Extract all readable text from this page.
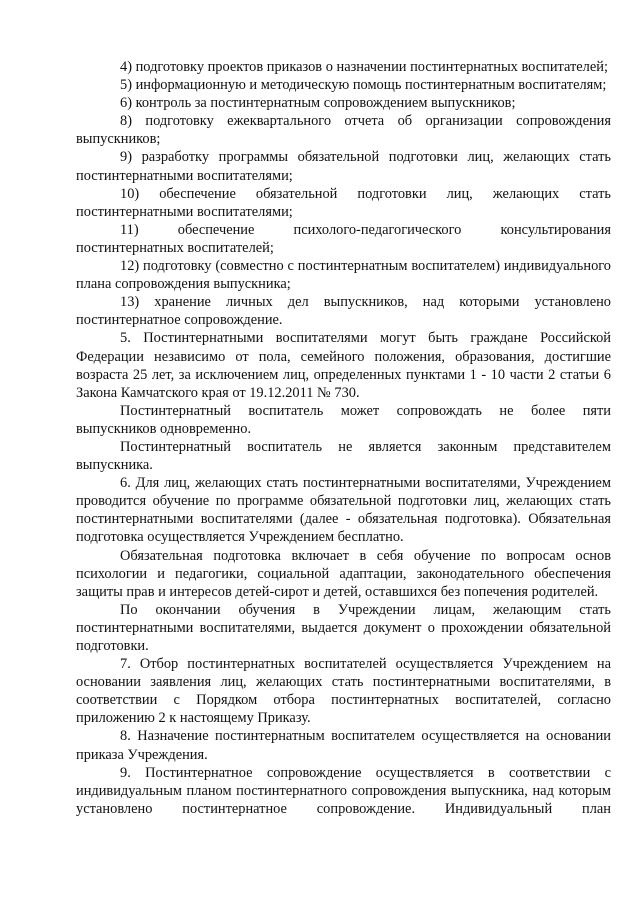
4) подготовку проектов приказов о назначении постинтернатных воспитателей;

5) информационную и методическую помощь постинтернатным воспитателям;

6) контроль за постинтернатным сопровождением выпускников;

8) подготовку ежеквартального отчета об организации сопровождения выпускников;

9) разработку программы обязательной подготовки лиц, желающих стать постинтернатными воспитателями;

10) обеспечение обязательной подготовки лиц, желающих стать постинтернатными воспитателями;

11) обеспечение психолого-педагогического консультирования постинтернатных воспитателей;

12) подготовку (совместно с постинтернатным воспитателем) индивидуального плана сопровождения выпускника;

13) хранение личных дел выпускников, над которыми установлено постинтернатное сопровождение.

5. Постинтернатными воспитателями могут быть граждане Российской Федерации независимо от пола, семейного положения, образования, достигшие возраста 25 лет, за исключением лиц, определенных пунктами 1 - 10 части 2 статьи 6 Закона Камчатского края от 19.12.2011 № 730.

Постинтернатный воспитатель может сопровождать не более пяти выпускников одновременно.

Постинтернатный воспитатель не является законным представителем выпускника.

6. Для лиц, желающих стать постинтернатными воспитателями, Учреждением проводится обучение по программе обязательной подготовки лиц, желающих стать постинтернатными воспитателями (далее - обязательная подготовка). Обязательная подготовка осуществляется Учреждением бесплатно.

Обязательная подготовка включает в себя обучение по вопросам основ психологии и педагогики, социальной адаптации, законодательного обеспечения защиты прав и интересов детей-сирот и детей, оставшихся без попечения родителей.

По окончании обучения в Учреждении лицам, желающим стать постинтернатными воспитателями, выдается документ о прохождении обязательной подготовки.

7. Отбор постинтернатных воспитателей осуществляется Учреждением на основании заявления лиц, желающих стать постинтернатными воспитателями, в соответствии с Порядком отбора постинтернатных воспитателей, согласно приложению 2 к настоящему Приказу.

8. Назначение постинтернатным воспитателем осуществляется на основании приказа Учреждения.

9. Постинтернатное сопровождение осуществляется в соответствии с индивидуальным планом постинтернатного сопровождения выпускника, над которым установлено постинтернатное сопровождение. Индивидуальный план
